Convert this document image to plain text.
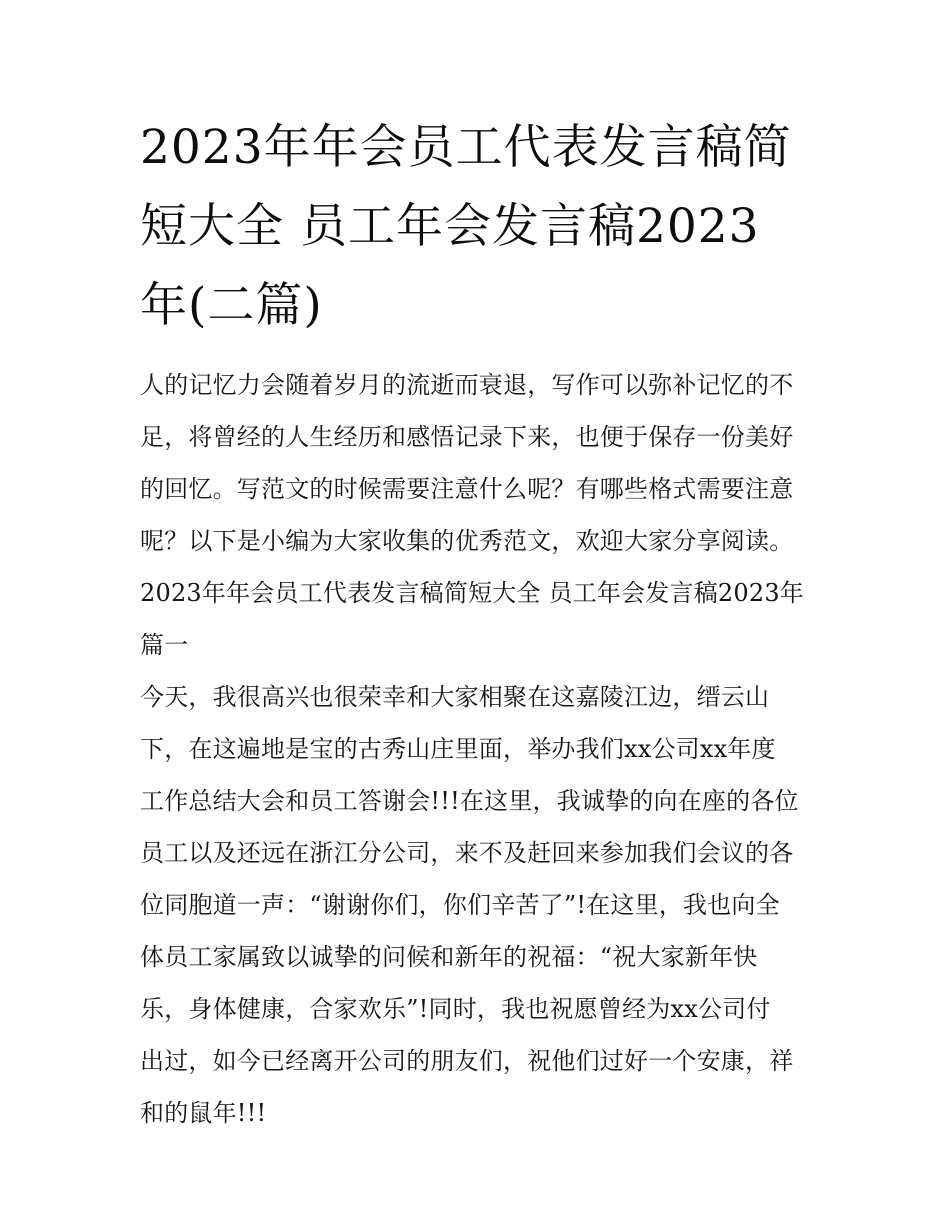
2023年年会员工代表发言稿简
短大全 员工年会发言稿2023
年(二篇)
人的记忆力会随着岁月的流逝而衰退，写作可以弥补记忆的不
足，将曾经的人生经历和感悟记录下来，也便于保存一份美好
的回忆。写范文的时候需要注意什么呢？有哪些格式需要注意
呢？以下是小编为大家收集的优秀范文，欢迎大家分享阅读。
2023年年会员工代表发言稿简短大全 员工年会发言稿2023年
篇一
今天，我很高兴也很荣幸和大家相聚在这嘉陵江边，缙云山
下，在这遍地是宝的古秀山庄里面，举办我们xx公司xx年度
工作总结大会和员工答谢会!!!在这里，我诚挚的向在座的各位
员工以及还远在浙江分公司，来不及赶回来参加我们会议的各
位同胞道一声：“谢谢你们，你们辛苦了”!在这里，我也向全
体员工家属致以诚挚的问候和新年的祝福：“祝大家新年快
乐，身体健康，合家欢乐”!同时，我也祝愿曾经为xx公司付
出过，如今已经离开公司的朋友们，祝他们过好一个安康，祥
和的鼠年!!!
